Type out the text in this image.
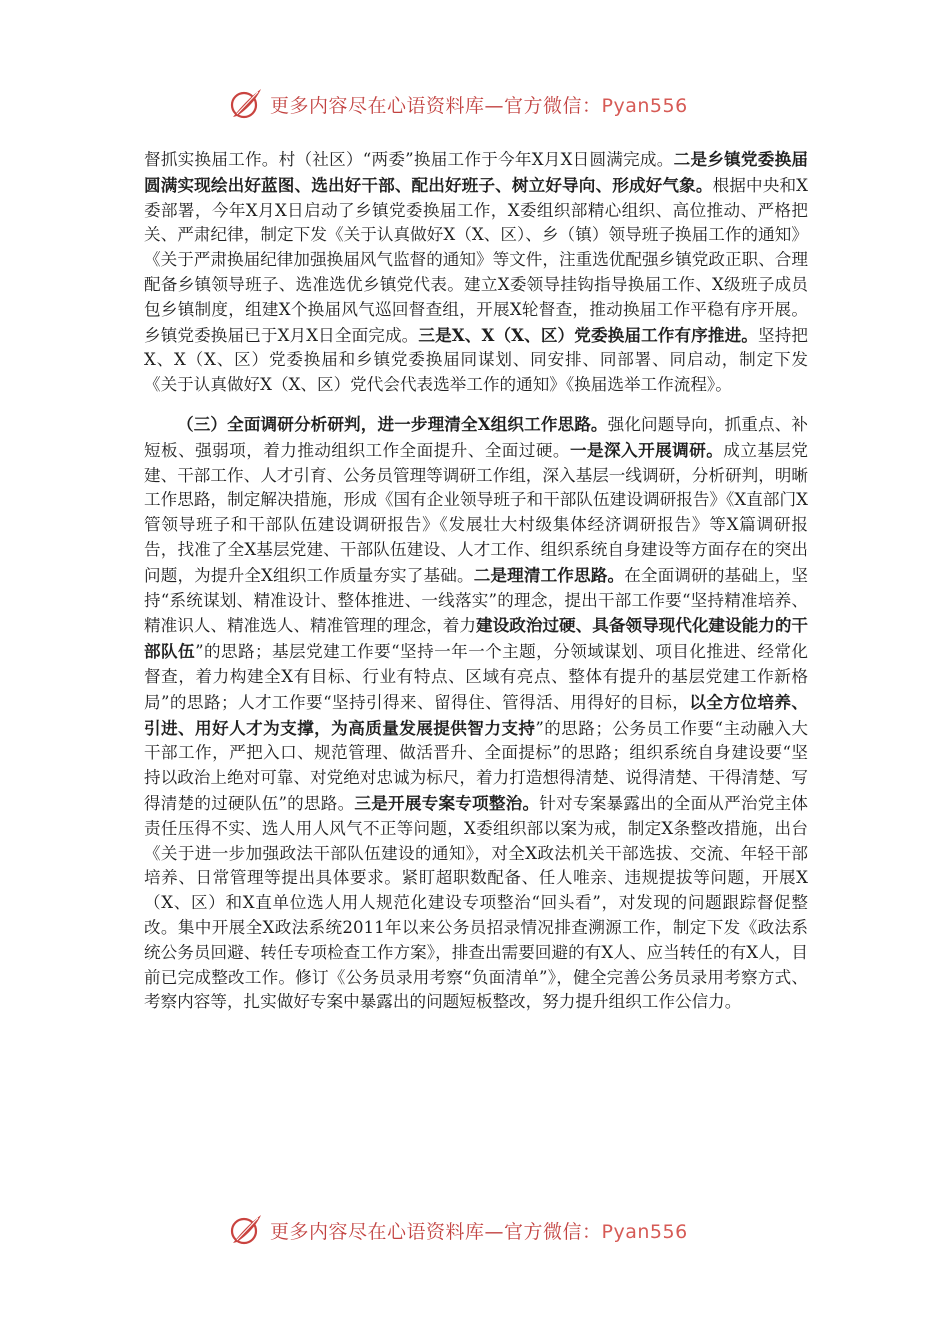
更多内容尽在心语资料库—官方微信：Pyan556

督抓实换届工作。村（社区）“两委”换届工作于今年X月X日圆满完成。二是乡镇党委换届圆满实现绘出好蓝图、选出好干部、配出好班子、树立好导向、形成好气象。根据中央和X委部署，今年X月X日启动了乡镇党委换届工作，X委组织部精心组织、高位推动、严格把关、严肃纪律，制定下发《关于认真做好X（X、区）、乡（镇）领导班子换届工作的通知》《关于严肃换届纪律加强换届风气监督的通知》等文件，注重选优配强乡镇党政正职、合理配备乡镇领导班子、选准选优乡镇党代表。建立X委领导挂钩指导换届工作、X级班子成员包乡镇制度，组建X个换届风气巡回督查组，开展X轮督查，推动换届工作平稳有序开展。乡镇党委换届已于X月X日全面完成。三是X、X（X、区）党委换届工作有序推进。坚持把X、X（X、区）党委换届和乡镇党委换届同谋划、同安排、同部署、同启动，制定下发《关于认真做好X（X、区）党代会代表选举工作的通知》《换届选举工作流程》。

（三）全面调研分析研判，进一步理清全X组织工作思路。强化问题导向，抓重点、补短板、强弱项，着力推动组织工作全面提升、全面过硬。一是深入开展调研。成立基层党建、干部工作、人才引育、公务员管理等调研工作组，深入基层一线调研，分析研判，明晰工作思路，制定解决措施，形成《国有企业领导班子和干部队伍建设调研报告》《X直部门X管领导班子和干部队伍建设调研报告》《发展壮大村级集体经济调研报告》等X篇调研报告，找准了全X基层党建、干部队伍建设、人才工作、组织系统自身建设等方面存在的突出问题，为提升全X组织工作质量夯实了基础。二是理清工作思路。在全面调研的基础上，坚持“系统谋划、精准设计、整体推进、一线落实”的理念，提出干部工作要“坚持精准培养、精准识人、精准选人、精准管理的理念，着力建设政治过硬、具备领导现代化建设能力的干部队伍”的思路；基层党建工作要“坚持一年一个主题，分领域谋划、项目化推进、经常化督查，着力构建全X有目标、行业有特点、区域有亮点、整体有提升的基层党建工作新格局”的思路；人才工作要“坚持引得来、留得住、管得活、用得好的目标，以全方位培养、引进、用好人才为支撑，为高质量发展提供智力支持”的思路；公务员工作要“主动融入大干部工作，严把入口、规范管理、做活晋升、全面提标”的思路；组织系统自身建设要“坚持以政治上绝对可靠、对党绝对忠诚为标尺，着力打造想得清楚、说得清楚、干得清楚、写得清楚的过硬队伍”的思路。三是开展专案专项整治。针对专案暴露出的全面从严治党主体责任压得不实、选人用人风气不正等问题，X委组织部以案为戒，制定X条整改措施，出台《关于进一步加强政法干部队伍建设的通知》，对全X政法机关干部选拔、交流、年轻干部培养、日常管理等提出具体要求。紧盯超职数配备、任人唯亲、违规提拔等问题，开展X（X、区）和X直单位选人用人规范化建设专项整治“回头看”，对发现的问题跟踪督促整改。集中开展全X政法系统2011年以来公务员招录情况排查溯源工作，制定下发《政法系统公务员回避、转任专项检查工作方案》，排查出需要回避的有X人、应当转任的有X人，目前已完成整改工作。修订《公务员录用考察“负面清单”》，健全完善公务员录用考察方式、考察内容等，扎实做好专案中暴露出的问题短板整改，努力提升组织工作公信力。

更多内容尽在心语资料库—官方微信：Pyan556
